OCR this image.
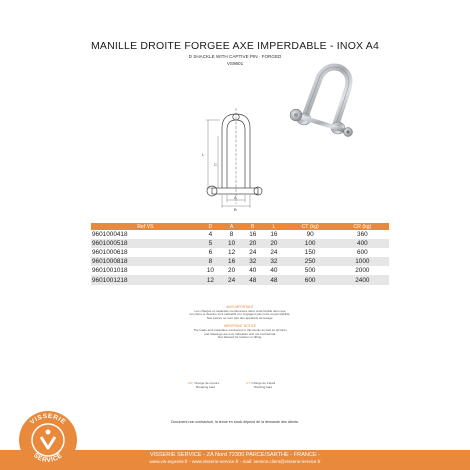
MANILLE DROITE FORGEE AXE IMPERDABLE - INOX A4
D SHACKLE WITH CAPTIVE PIN · FORGED
VS9601
L
C
A
B
Ref VS	D	A	B	L	CT (kg)	CR (kg)
9601000418	4	8	16	16	90	360
9601000518	5	10	20	20	100	400
9601000618	6	12	24	24	150	600
9601000818	8	16	32	32	250	1000
9601001018	10	20	40	40	500	2000
9601001218	12	24	48	48	600	2400
AVIS IMPORTANT
Les charges et capacités mentionnées dans cette famille ainsi que
les plans et dessins sont indicatifs et n'engagent pas notre responsabilité.
Nos pièces ne sont pas des appareils de levage.
IMPORTANT NOTICE
The loads and capacities mentioned in this family as well as pictures
and drawings are only indicative and not contractual.
Not allowed for traction or lifting.
CR: Charge de rupture
Breaking load
CT: Charge de travail
Working load
Document non contractuel, la tenue en stock dépend de la demande des clients.
VISSERIE SERVICE - ZA Nord 72300 PARCE/SARTHE - FRANCE -
www.vis-express.fr - www.visserie-service.fr - mail: service.client@visserie-service.fr
VISSERIE
SERVICE
